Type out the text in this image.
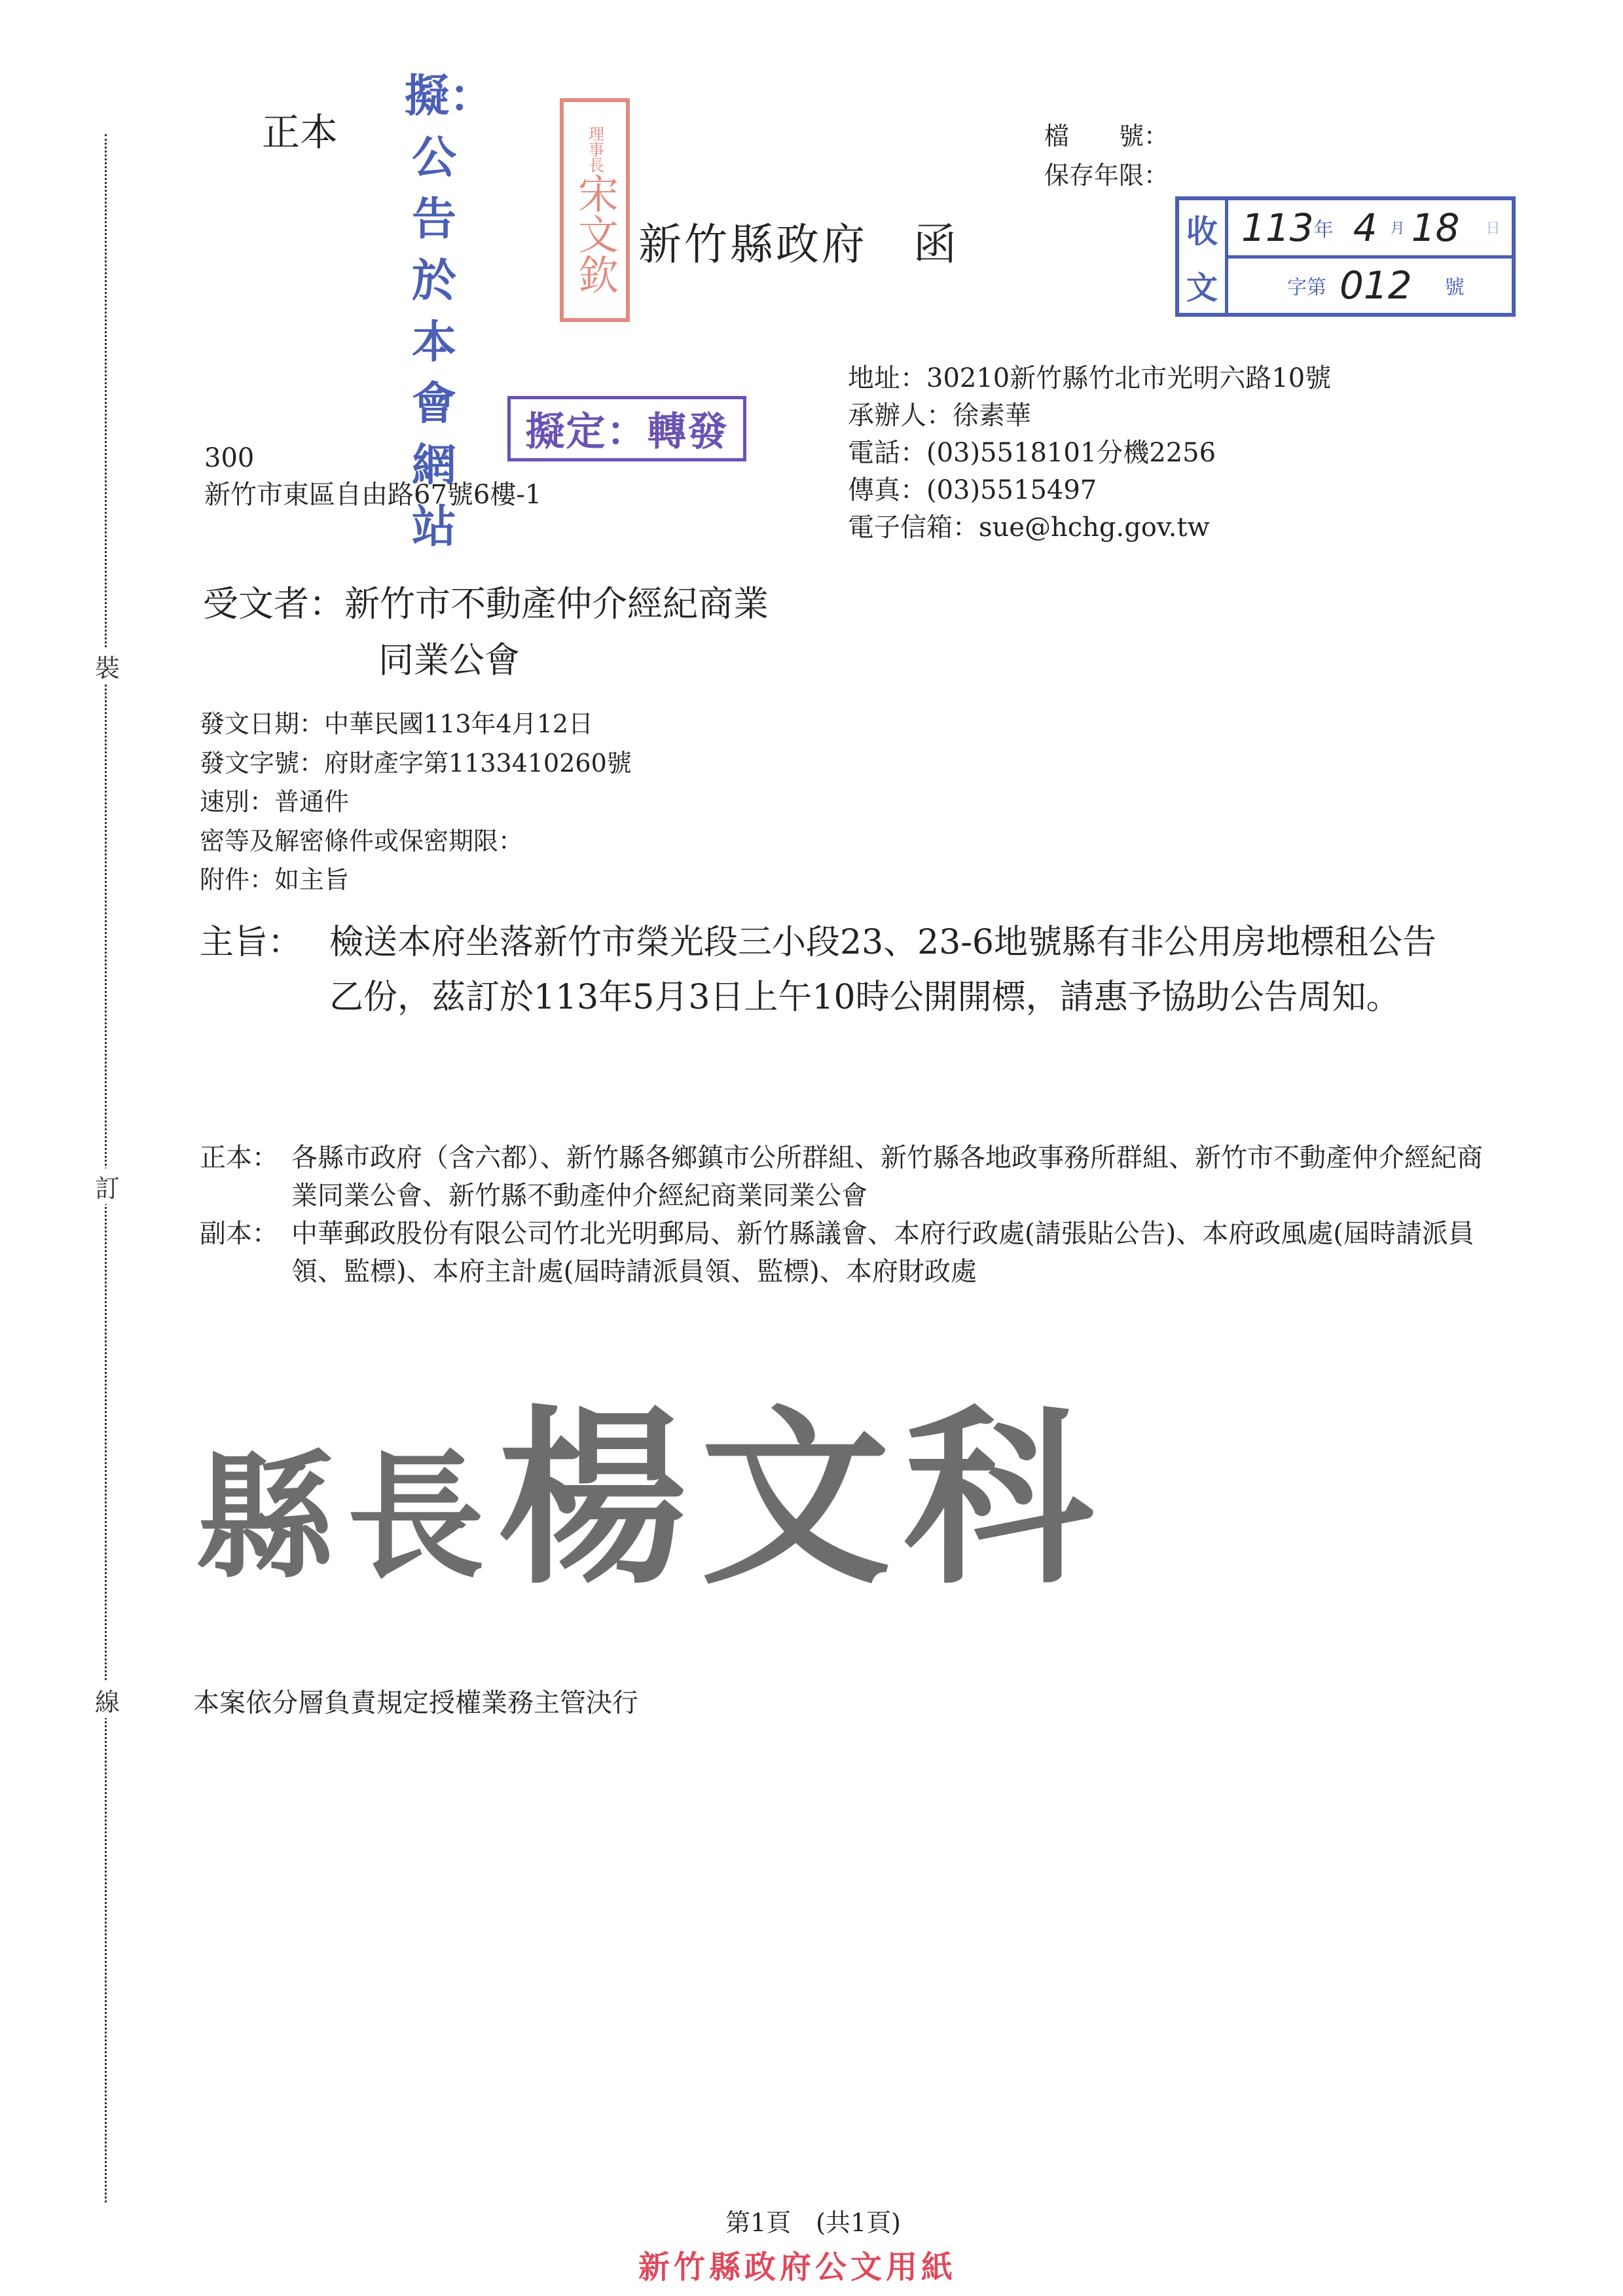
裝
訂
線
正本
擬：公告於本會網站
理事長
宋文欽
擬定：轉發
新竹縣政府 函
檔　　號：
保存年限：
收
文
113 年 4 月 18 日
字第 012 號
地址：30210新竹縣竹北市光明六路10號
承辦人：徐素華
電話：(03)5518101分機2256
傳真：(03)5515497
電子信箱：sue@hchg.gov.tw
300
新竹市東區自由路67號6樓-1
受文者：新竹市不動產仲介經紀商業
同業公會
發文日期：中華民國113年4月12日
發文字號：府財產字第1133410260號
速別：普通件
密等及解密條件或保密期限：
附件：如主旨
主旨： 檢送本府坐落新竹市榮光段三小段23、23-6地號縣有非公用房地標租公告乙份，茲訂於113年5月3日上午10時公開開標，請惠予協助公告周知。
正本： 各縣市政府（含六都）、新竹縣各鄉鎮市公所群組、新竹縣各地政事務所群組、新竹市不動產仲介經紀商業同業公會、新竹縣不動產仲介經紀商業同業公會
副本： 中華郵政股份有限公司竹北光明郵局、新竹縣議會、本府行政處(請張貼公告)、本府政風處(屆時請派員領、監標)、本府主計處(屆時請派員領、監標)、本府財政處
縣長楊文科
本案依分層負責規定授權業務主管決行
第1頁　(共1頁)
新竹縣政府公文用紙
